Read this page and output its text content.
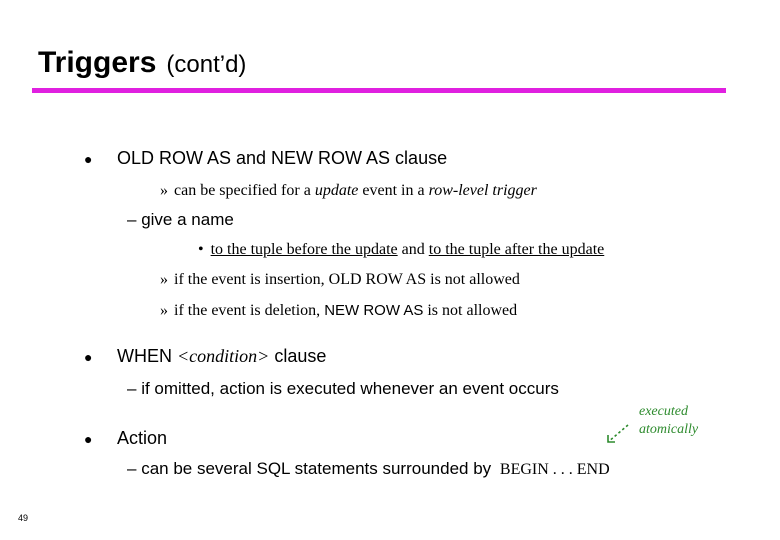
Triggers (cont’d)
● OLD ROW AS and NEW ROW AS clause
» can be specified for a update event in a row-level trigger
– give a name
• to the tuple before the update and to the tuple after the update
» if the event is insertion, OLD ROW AS is not allowed
» if the event is deletion, NEW ROW AS is not allowed
● WHEN <condition> clause
– if omitted, action is executed whenever an event occurs
● Action
– can be several SQL statements surrounded by BEGIN . . . END
executed
atomically
49
